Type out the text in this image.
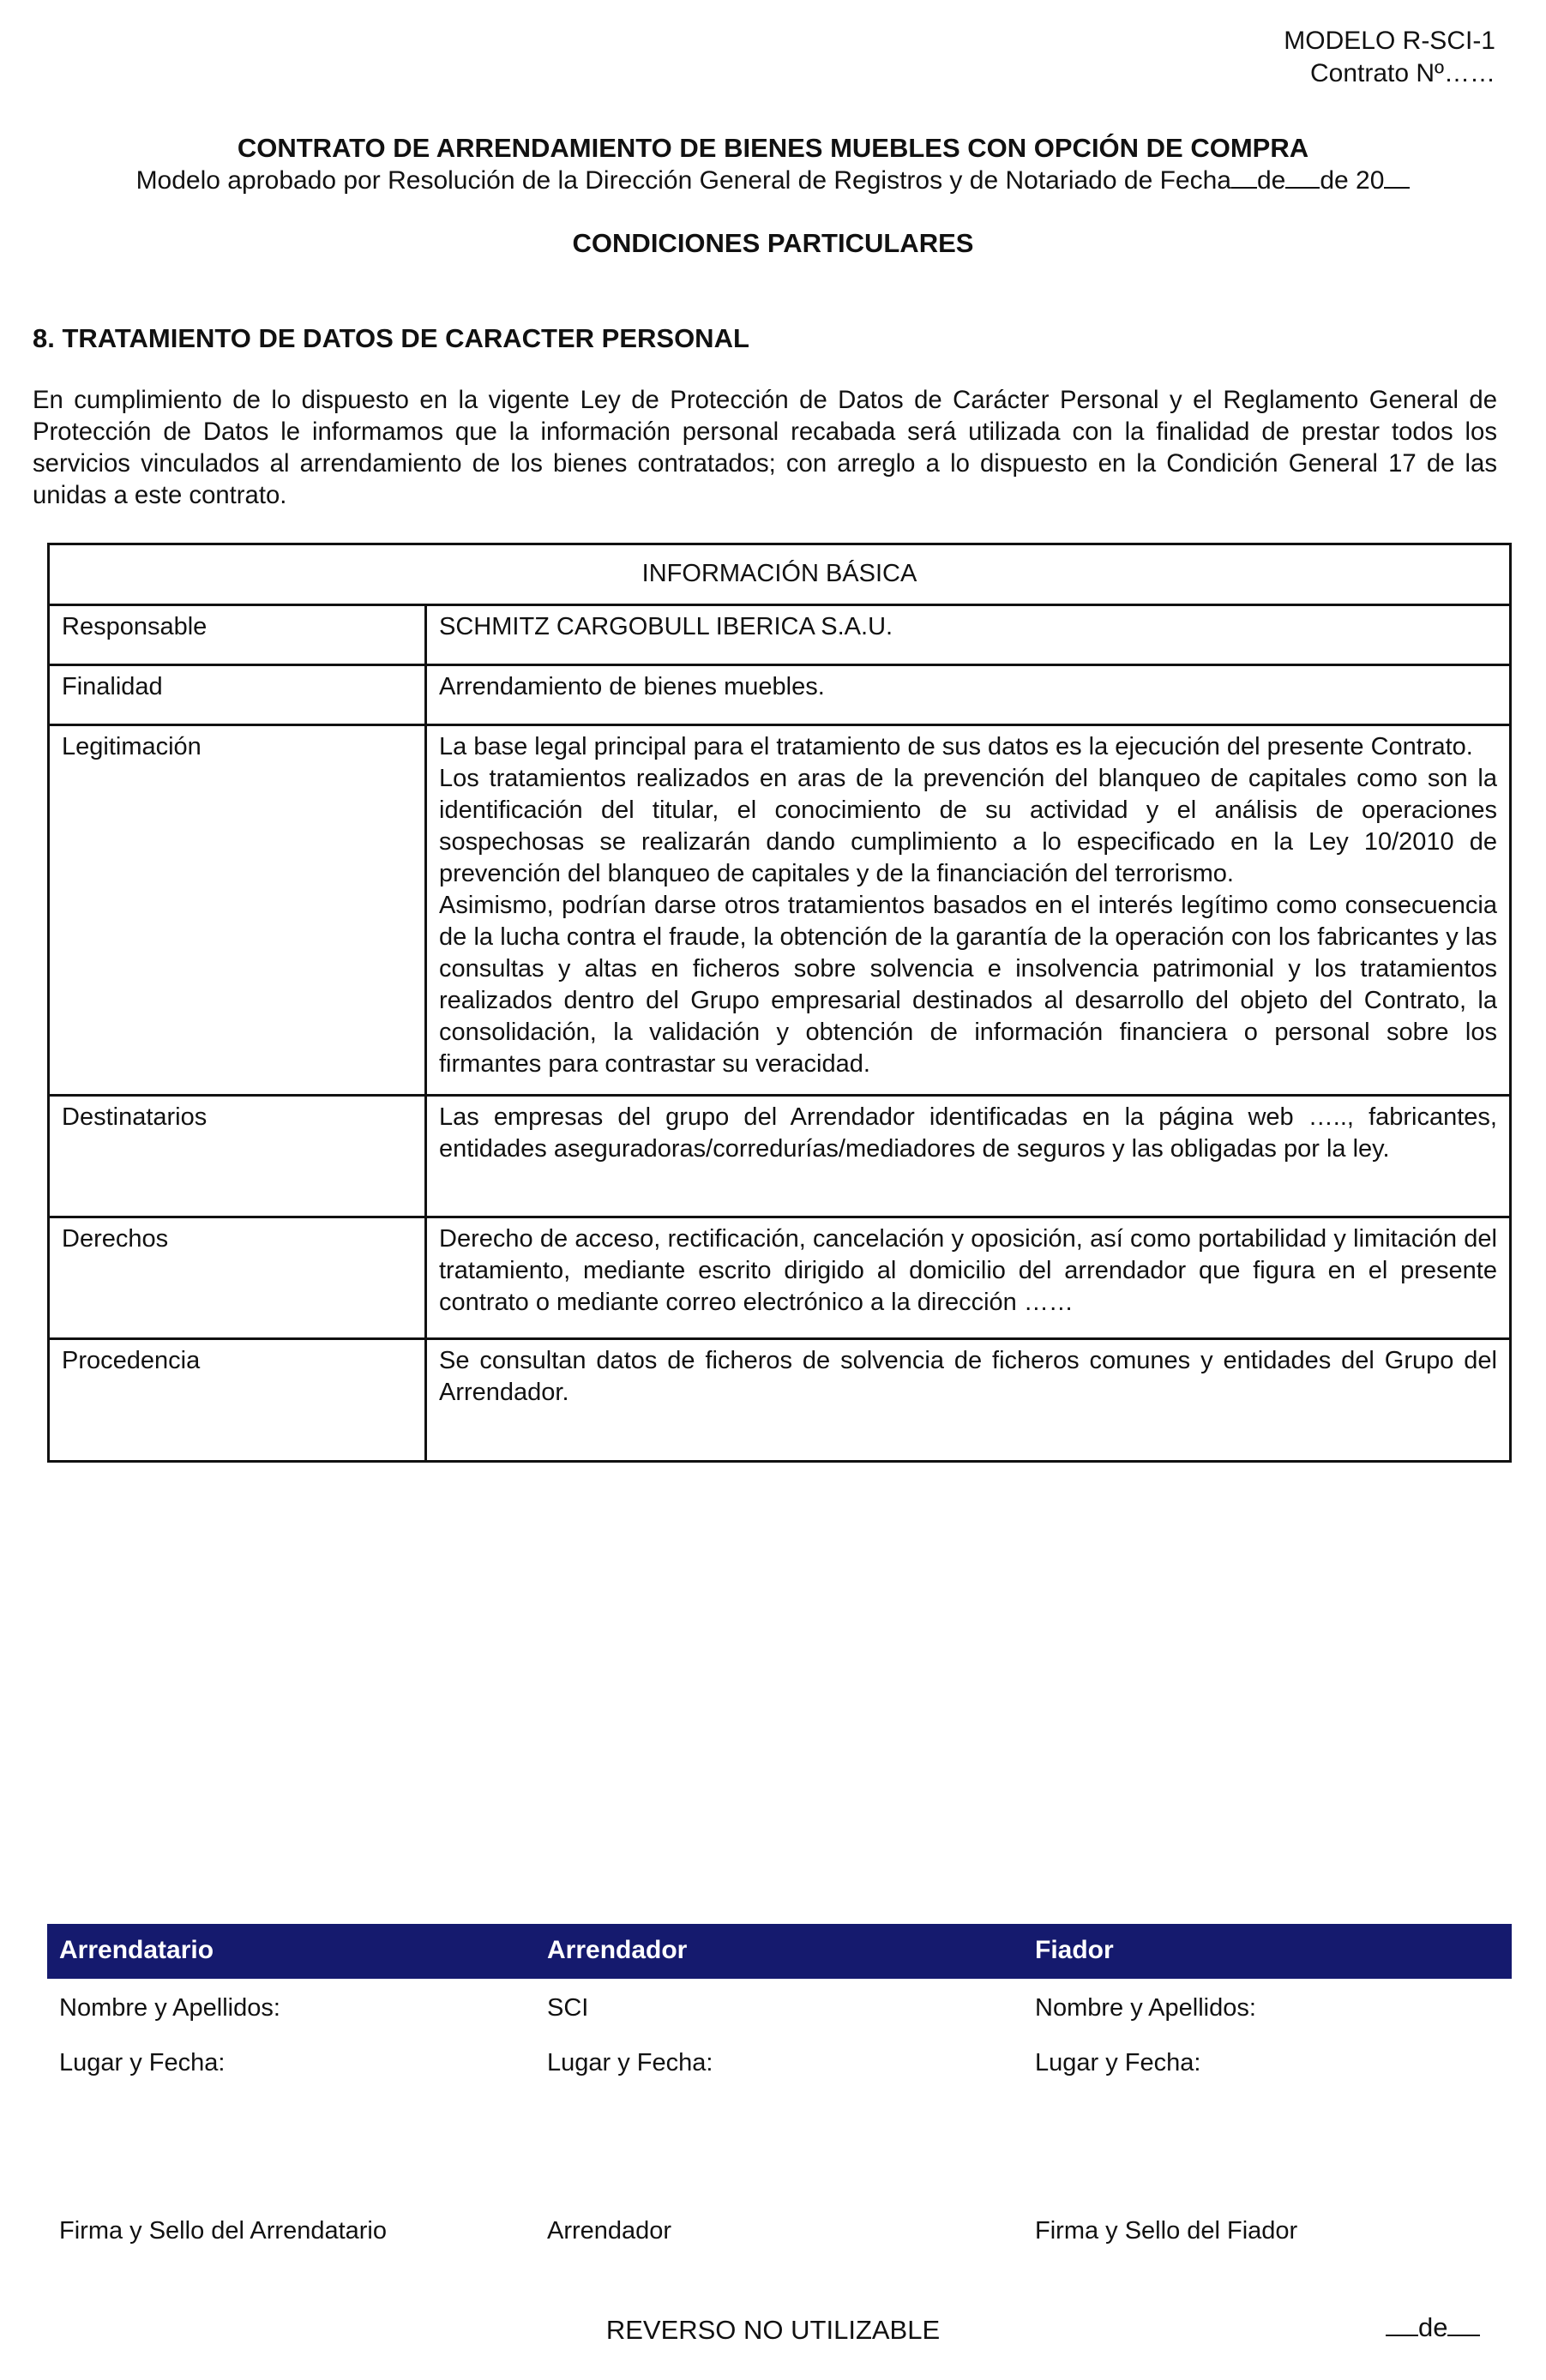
MODELO R-SCI-1
Contrato Nº……
CONTRATO DE ARRENDAMIENTO DE BIENES MUEBLES CON OPCIÓN DE COMPRA
Modelo aprobado por Resolución de la Dirección General de Registros y de Notariado de Fecha de de 20
CONDICIONES PARTICULARES
8. TRATAMIENTO DE DATOS DE CARACTER PERSONAL

En cumplimiento de lo dispuesto en la vigente Ley de Protección de Datos de Carácter Personal y el Reglamento General de Protección de Datos le informamos que la información personal recabada será utilizada con la finalidad de prestar todos los servicios vinculados al arrendamiento de los bienes contratados; con arreglo a lo dispuesto en la Condición General 17 de las unidas a este contrato.

INFORMACIÓN BÁSICA	
Responsable	SCHMITZ CARGOBULL IBERICA S.A.U.

Finalidad	Arrendamiento de bienes muebles.

Legitimación	La base legal principal para el tratamiento de sus datos es la ejecución del presente Contrato.

Los tratamientos realizados en aras de la prevención del blanqueo de capitales como son la identificación del titular, el conocimiento de su actividad y el análisis de operaciones sospechosas se realizarán dando cumplimiento a lo especificado en la Ley 10/2010 de prevención del blanqueo de capitales y de la financiación del terrorismo.

Asimismo, podrían darse otros tratamientos basados en el interés legítimo como consecuencia de la lucha contra el fraude, la obtención de la garantía de la operación con los fabricantes y las consultas y altas en ficheros sobre solvencia e insolvencia patrimonial y los tratamientos realizados dentro del Grupo empresarial destinados al desarrollo del objeto del Contrato, la consolidación, la validación y obtención de información financiera o personal sobre los firmantes para contrastar su veracidad.

Destinatarios	Las empresas del grupo del Arrendador identificadas en la página web ….., fabricantes, entidades aseguradoras/corredurías/mediadores de seguros y las obligadas por la ley.

Derechos	Derecho de acceso, rectificación, cancelación y oposición, así como portabilidad y limitación del tratamiento, mediante escrito dirigido al domicilio del arrendador que figura en el presente contrato o mediante correo electrónico a la dirección ……

Procedencia	Se consultan datos de ficheros de solvencia de ficheros comunes y entidades del Grupo del Arrendador.

Arrendatario	Arrendador	Fiador
Nombre y Apellidos:	SCI	Nombre y Apellidos:
Lugar y Fecha:	Lugar y Fecha:	Lugar y Fecha:
Firma y Sello del Arrendatario	Arrendador	Firma y Sello del Fiador
REVERSO NO UTILIZABLE	de
